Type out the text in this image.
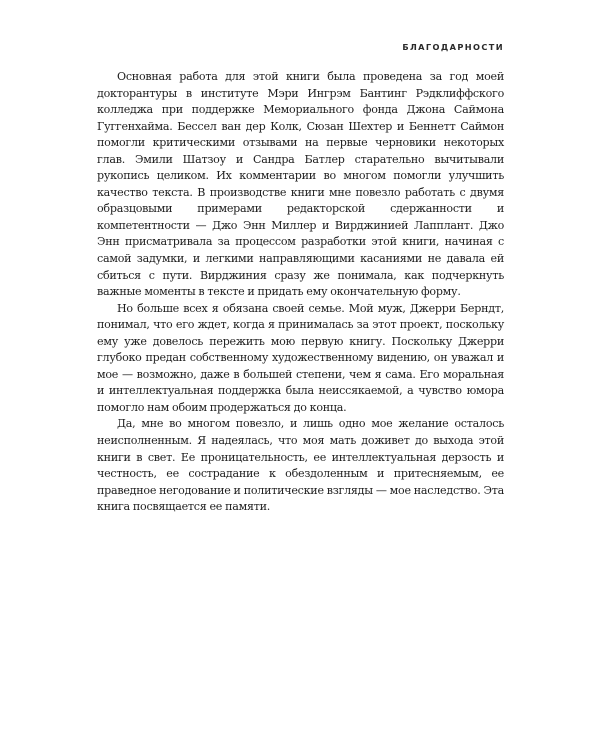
БЛАГОДАРНОСТИ

Основная работа для этой книги была проведена за год моей докторантуры в институте Мэри Ингрэм Бантинг Рэдклиффского колледжа при поддержке Мемориального фонда Джона Саймона Гуггенхайма. Бессел ван дер Колк, Сюзан Шехтер и Беннетт Саймон помогли критическими отзывами на первые черновики некоторых глав. Эмили Шатзоу и Сандра Батлер старательно вычитывали рукопись целиком. Их комментарии во многом помогли улучшить качество текста. В производстве книги мне повезло работать с двумя образцовыми примерами редакторской сдержанности и компетентности — Джо Энн Миллер и Вирджинией Лапплант. Джо Энн присматривала за процессом разработки этой книги, начиная с самой задумки, и легкими направляющими касаниями не давала ей сбиться с пути. Вирджиния сразу же понимала, как подчеркнуть важные моменты в тексте и придать ему окончательную форму.

Но больше всех я обязана своей семье. Мой муж, Джерри Берндт, понимал, что его ждет, когда я принималась за этот проект, поскольку ему уже довелось пережить мою первую книгу. Поскольку Джерри глубоко предан собственному художественному видению, он уважал и мое — возможно, даже в большей степени, чем я сама. Его моральная и интеллектуальная поддержка была неиссякаемой, а чувство юмора помогло нам обоим продержаться до конца.

Да, мне во многом повезло, и лишь одно мое желание осталось неисполненным. Я надеялась, что моя мать доживет до выхода этой книги в свет. Ее проницательность, ее интеллектуальная дерзость и честность, ее сострадание к обездоленным и притесняемым, ее праведное негодование и политические взгляды — мое наследство. Эта книга посвящается ее памяти.
